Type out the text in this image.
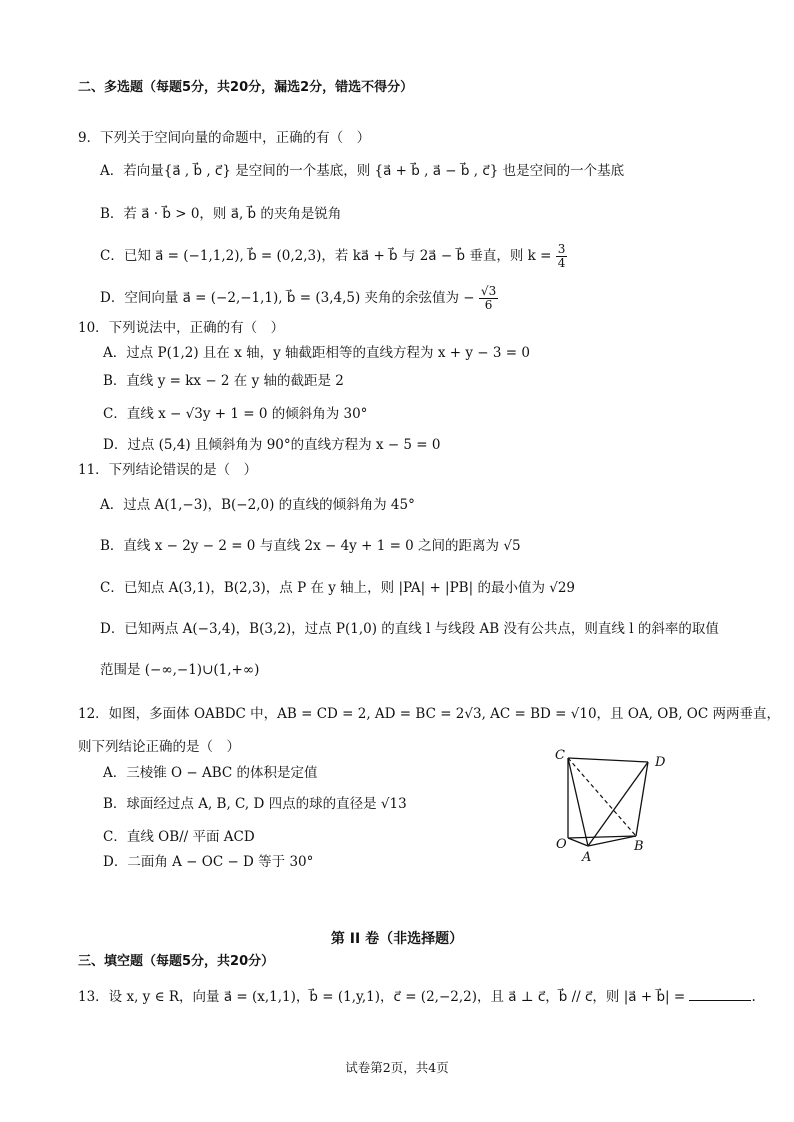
二、多选题（每题5分，共20分，漏选2分，错选不得分）
9．下列关于空间向量的命题中，正确的有（　）
A．若向量{a⃗ , b⃗ , c⃗} 是空间的一个基底，则 {a⃗ + b⃗ , a⃗ − b⃗ , c⃗} 也是空间的一个基底
B．若 a⃗ · b⃗ > 0，则 a⃗, b⃗ 的夹角是锐角
C．已知 a⃗ = (−1,1,2), b⃗ = (0,2,3)，若 ka⃗ + b⃗ 与 2a⃗ − b⃗ 垂直，则 $k = \frac{3}{4}$
D．空间向量 a⃗ = (−2,−1,1), b⃗ = (3,4,5) 夹角的余弦值为 − $\frac{√3}{6}$
10．下列说法中，正确的有（　）
A．过点 P(1,2) 且在 x 轴，y 轴截距相等的直线方程为 x + y − 3 = 0
B．直线 y = kx − 2 在 y 轴的截距是 2
C．直线 x − √3y + 1 = 0 的倾斜角为 30°
D．过点 (5,4) 且倾斜角为 90°的直线方程为 x − 5 = 0
11．下列结论错误的是（　）
A．过点 A(1,−3)，B(−2,0) 的直线的倾斜角为 45°
B．直线 x − 2y − 2 = 0 与直线 2x − 4y + 1 = 0 之间的距离为 √5
C．已知点 A(3,1)，B(2,3)，点 P 在 y 轴上，则 |PA| + |PB| 的最小值为 √29
D．已知两点 A(−3,4)，B(3,2)，过点 P(1,0) 的直线 l 与线段 AB 没有公共点，则直线 l 的斜率的取值
范围是 (−∞,−1)∪(1,+∞)
12．如图，多面体 OABDC 中，AB = CD = 2, AD = BC = 2√3, AC = BD = √10，且 OA, OB, OC 两两垂直，
则下列结论正确的是（　）
A．三棱锥 O − ABC 的体积是定值
B．球面经过点 A, B, C, D 四点的球的直径是 √13
C．直线 OB// 平面 ACD
D．二面角 A − OC − D 等于 30°
C	D
O
A
B
第 II 卷（非选择题）
三、填空题（每题5分，共20分）
13．设 x, y ∈ R，向量 a⃗ = (x,1,1)，b⃗ = (1,y,1)，c⃗ = (2,−2,2)，且 a⃗ ⊥ c⃗，b⃗ // c⃗，则 |a⃗ + b⃗| =	.
试卷第2页，共4页
